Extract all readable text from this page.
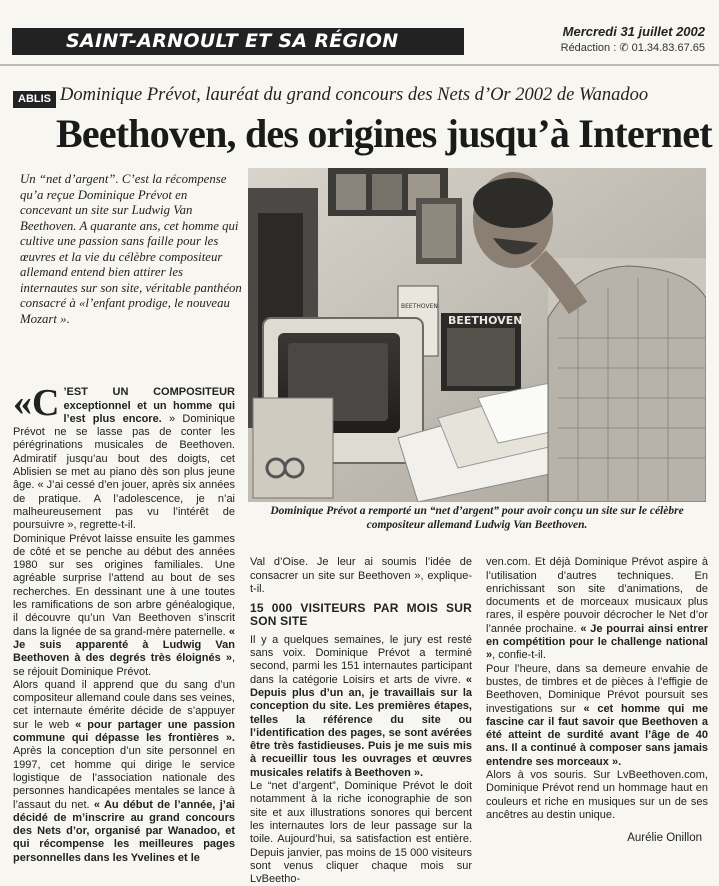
SAINT-ARNOULT ET SA RÉGION	Mercredi 31 juillet 2002
Rédaction : ✆ 01.34.83.67.65
ABLIS Dominique Prévot, lauréat du grand concours des Nets d’Or 2002 de Wanadoo
Beethoven, des origines jusqu’à Internet
Un “net d’argent”. C’est la récompense qu’a reçue Dominique Prévot en concevant un site sur Ludwig Van Beethoven. A quarante ans, cet homme qui cultive une passion sans faille pour les œuvres et la vie du célèbre compositeur allemand entend bien attirer les internautes sur son site, véritable panthéon consacré à «l’enfant prodige, le nouveau Mozart ».
BEETHOVEN
BEETHOVEN
Dominique Prévot a remporté un “net d’argent” pour avoir conçu un site sur le célèbre compositeur allemand Ludwig Van Beethoven.

«C ’EST UN COMPOSITEUR exceptionnel et un homme qui l’est plus encore. » Dominique Prévot ne se lasse pas de conter les pérégrinations musicales de Beethoven. Admiratif jusqu’au bout des doigts, cet Ablisien se met au piano dès son plus jeune âge. « J’ai cessé d’en jouer, après six années de pratique. A l’adolescence, je n’ai malheureusement pas vu l’intérêt de poursuivre », regrette-t-il.
Dominique Prévot laisse ensuite les gammes de côté et se penche au début des années 1980 sur ses origines familiales. Une agréable surprise l’attend au bout de ses recherches. En dessinant une à une toutes les ramifications de son arbre généalogique, il découvre qu’un Van Beethoven s’inscrit dans la lignée de sa grand-mère paternelle. « Je suis apparenté à Ludwig Van Beethoven à des degrés très éloignés », se réjouit Dominique Prévot.
Alors quand il apprend que du sang d’un compositeur allemand coule dans ses veines, cet internaute émérite décide de s’appuyer sur le web « pour partager une passion commune qui dépasse les frontières ». Après la conception d’un site personnel en 1997, cet homme qui dirige le service logistique de l’association nationale des personnes handicapées mentales se lance à l’assaut du net. « Au début de l’année, j’ai décidé de m’inscrire au grand concours des Nets d’or, organisé par Wanadoo, et qui récompense les meilleures pages personnelles dans les Yvelines et le

Val d’Oise. Je leur ai soumis l’idée de consacrer un site sur Beethoven », explique-t-il.

15 000 VISITEURS PAR MOIS SUR SON SITE
Il y a quelques semaines, le jury est resté sans voix. Dominique Prévot a terminé second, parmi les 151 internautes participant dans la catégorie Loisirs et arts de vivre. « Depuis plus d’un an, je travaillais sur la conception du site. Les premières étapes, telles la référence du site ou l’identification des pages, se sont avérées être très fastidieuses. Puis je me suis mis à recueillir tous les ouvrages et œuvres musicales relatifs à Beethoven ».
Le “net d’argent”, Dominique Prévot le doit notamment à la riche iconographie de son site et aux illustrations sonores qui bercent les internautes lors de leur passage sur la toile. Aujourd’hui, sa satisfaction est entière. Depuis janvier, pas moins de 15 000 visiteurs sont venus cliquer chaque mois sur LvBeetho-

ven.com. Et déjà Dominique Prévot aspire à l’utilisation d’autres techniques. En enrichissant son site d’animations, de documents et de morceaux musicaux plus rares, il espère pouvoir décrocher le Net d’or l’année prochaine. « Je pourrai ainsi entrer en compétition pour le challenge national », confie-t-il.
Pour l’heure, dans sa demeure envahie de bustes, de timbres et de pièces à l’effigie de Beethoven, Dominique Prévot poursuit ses investigations sur « cet homme qui me fascine car il faut savoir que Beethoven a été atteint de surdité avant l’âge de 40 ans. Il a continué à composer sans jamais entendre ses morceaux ».
Alors à vos souris. Sur LvBeethoven.com, Dominique Prévot rend un hommage haut en couleurs et riche en musiques sur un de ses ancêtres au destin unique.

Aurélie Onillon
